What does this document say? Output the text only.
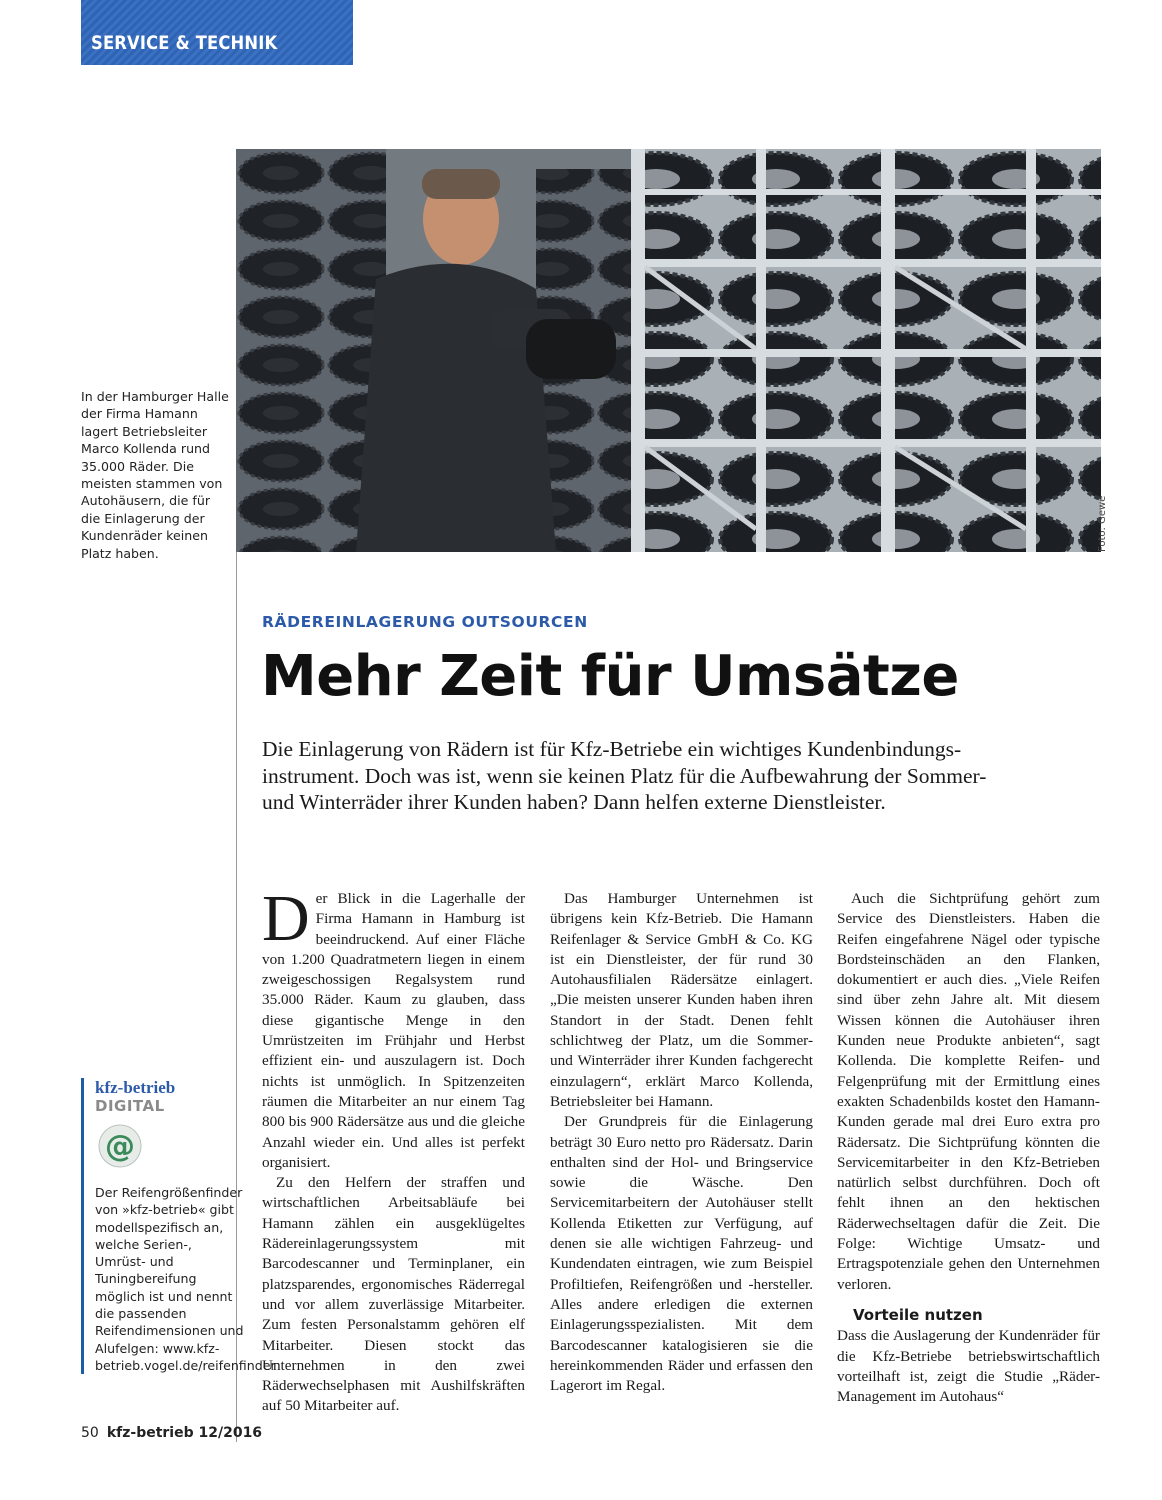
SERVICE & TECHNIK
Foto: Gewe
In der Hamburger Halle der Firma Hamann lagert Betriebsleiter Marco Kollenda rund 35.000 Räder. Die meisten stammen von Autohäusern, die für die Einlagerung der Kundenräder keinen Platz haben.
RÄDEREINLAGERUNG OUTSOURCEN
Mehr Zeit für Umsätze
Die Einlagerung von Rädern ist für Kfz-Betriebe ein wichtiges Kundenbindungs-
instrument. Doch was ist, wenn sie keinen Platz für die Aufbewahrung der Sommer-
und Winterräder ihrer Kunden haben? Dann helfen externe Dienstleister.

D er Blick in die Lagerhalle der Firma Hamann in Hamburg ist beeindruckend. Auf einer Fläche von 1.200 Quadratmetern liegen in einem zweigeschossigen Regalsystem rund 35.000 Räder. Kaum zu glauben, dass diese gigantische Menge in den Umrüstzeiten im Frühjahr und Herbst effizient ein- und auszulagern ist. Doch nichts ist unmöglich. In Spitzenzeiten räumen die Mitarbeiter an nur einem Tag 800 bis 900 Rädersätze aus und die gleiche Anzahl wieder ein. Und alles ist perfekt organisiert.

Zu den Helfern der straffen und wirtschaftlichen Arbeitsabläufe bei Hamann zählen ein ausgeklügeltes Rädereinlagerungssystem mit Barcodescanner und Terminplaner, ein platzsparendes, ergonomisches Räderregal und vor allem zuverlässige Mitarbeiter. Zum festen Personalstamm gehören elf Mitarbeiter. Diesen stockt das Unternehmen in den zwei Räderwechselphasen mit Aushilfskräften auf 50 Mitarbeiter auf.

Das Hamburger Unternehmen ist übrigens kein Kfz-Betrieb. Die Hamann Reifenlager & Service GmbH & Co. KG ist ein Dienstleister, der für rund 30 Autohausfilialen Rädersätze einlagert. „Die meisten unserer Kunden haben ihren Standort in der Stadt. Denen fehlt schlichtweg der Platz, um die Sommer- und Winterräder ihrer Kunden fachgerecht einzulagern“, erklärt Marco Kollenda, Betriebsleiter bei Hamann.

Der Grundpreis für die Einlagerung beträgt 30 Euro netto pro Rädersatz. Darin enthalten sind der Hol- und Bringservice sowie die Wäsche. Den Servicemitarbeitern der Autohäuser stellt Kollenda Etiketten zur Verfügung, auf denen sie alle wichtigen Fahrzeug- und Kundendaten eintragen, wie zum Beispiel Profiltiefen, Reifengrößen und -hersteller. Alles andere erledigen die externen Einlagerungsspezialisten. Mit dem Barcodescanner katalogisieren sie die hereinkommenden Räder und erfassen den Lagerort im Regal.

Auch die Sichtprüfung gehört zum Service des Dienstleisters. Haben die Reifen eingefahrene Nägel oder typische Bordsteinschäden an den Flanken, dokumentiert er auch dies. „Viele Reifen sind über zehn Jahre alt. Mit diesem Wissen können die Autohäuser ihren Kunden neue Produkte anbieten“, sagt Kollenda. Die komplette Reifen- und Felgenprüfung mit der Ermittlung eines exakten Schadenbilds kostet den Hamann-Kunden gerade mal drei Euro extra pro Rädersatz. Die Sichtprüfung könnten die Servicemitarbeiter in den Kfz-Betrieben natürlich selbst durchführen. Doch oft fehlt ihnen an den hektischen Räderwechseltagen dafür die Zeit. Die Folge: Wichtige Umsatz- und Ertragspotenziale gehen den Unternehmen verloren.

Vorteile nutzen

Dass die Auslagerung der Kundenräder für die Kfz-Betriebe betriebswirtschaftlich vorteilhaft ist, zeigt die Studie „Räder-Management im Autohaus“

kfz-betrieb
DIGITAL
@
Der Reifengrößenfinder von »kfz-betrieb« gibt modellspezifisch an, welche Serien-, Umrüst- und Tuningbereifung möglich ist und nennt die passenden Reifendimensionen und Alufelgen: www.kfz-betrieb.vogel.de/reifenfinder
50 kfz-betrieb 12/2016
